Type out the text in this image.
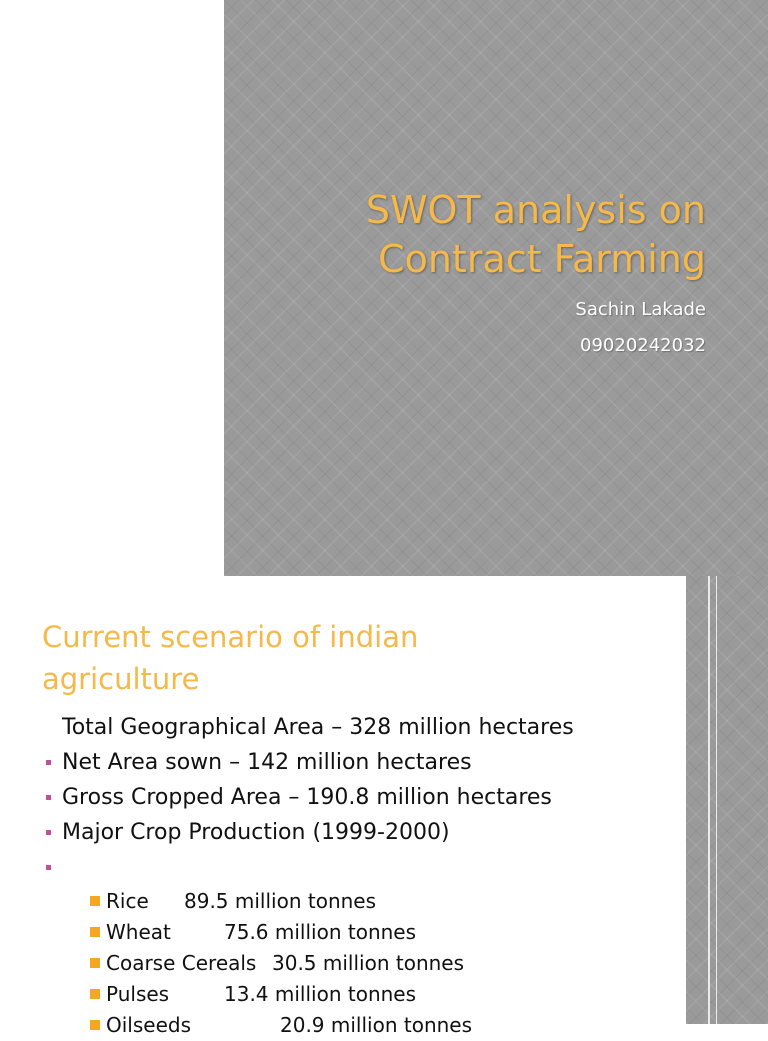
SWOT analysis on
Contract Farming
Sachin Lakade
09020242032
Current scenario of indian
agriculture
Total Geographical Area – 328 million hectares
Net Area sown – 142 million hectares
Gross Cropped Area – 190.8 million hectares
Major Crop Production (1999-2000)
Rice 89.5 million tonnes
Wheat	75.6 million tonnes
Coarse Cereals 30.5 million tonnes
Pulses	13.4 million tonnes
Oilseeds	20.9 million tonnes
